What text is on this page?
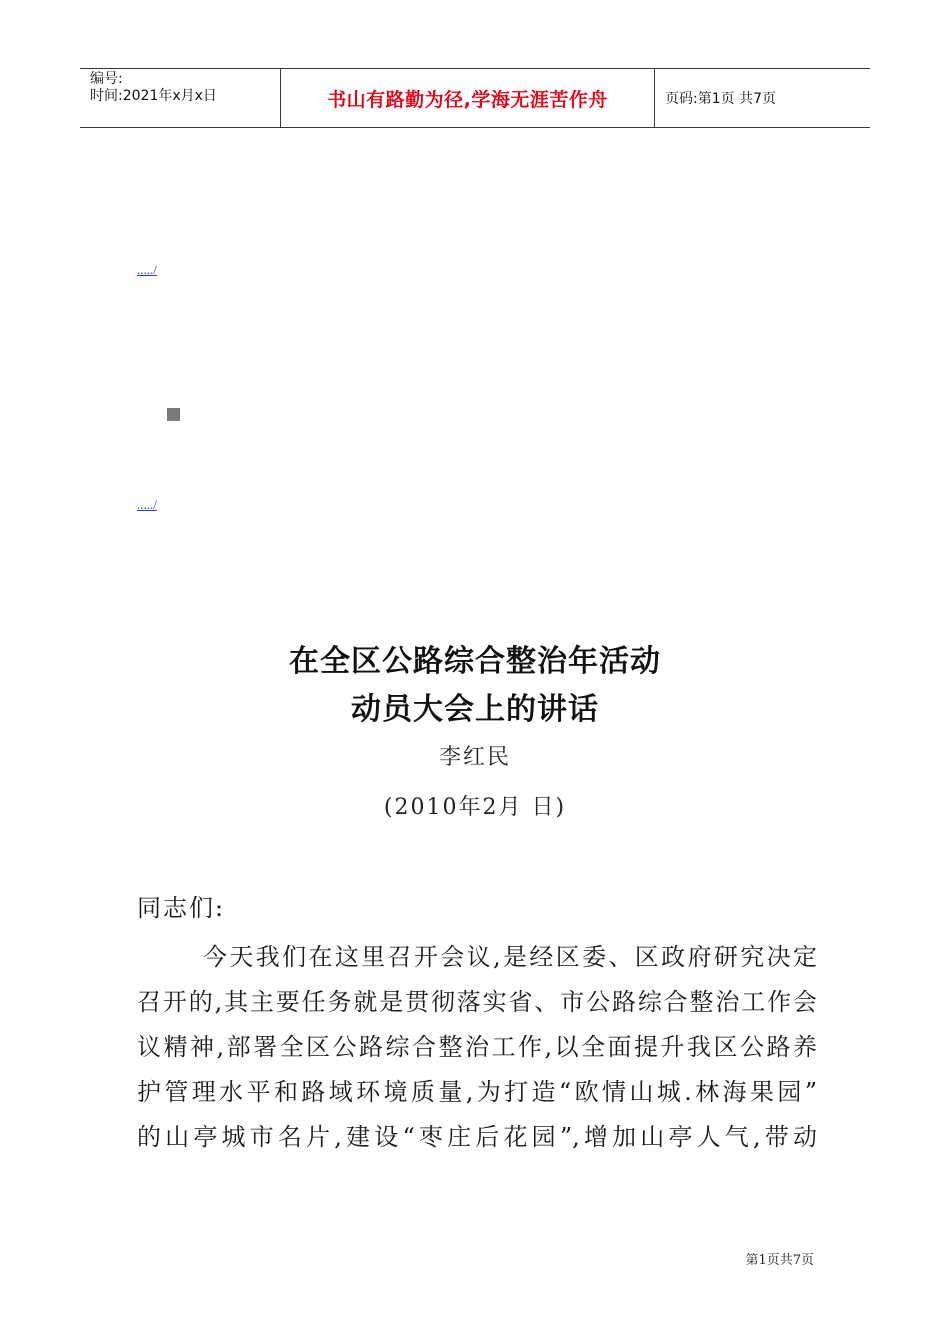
编号:
时间:2021年x月x日	书山有路勤为径,学海无涯苦作舟	页码:第1页 共7页
...../
...../
在全区公路综合整治年活动
动员大会上的讲话
李红民
(2010年2月 日)
同志们:
今天我们在这里召开会议,是经区委、区政府研究决定
召开的,其主要任务就是贯彻落实省、市公路综合整治工作会
议精神,部署全区公路综合整治工作,以全面提升我区公路养
护管理水平和路域环境质量,为打造“欧情山城.林海果园”
的山亭城市名片,建设“枣庄后花园”,增加山亭人气,带动
第1页共7页
